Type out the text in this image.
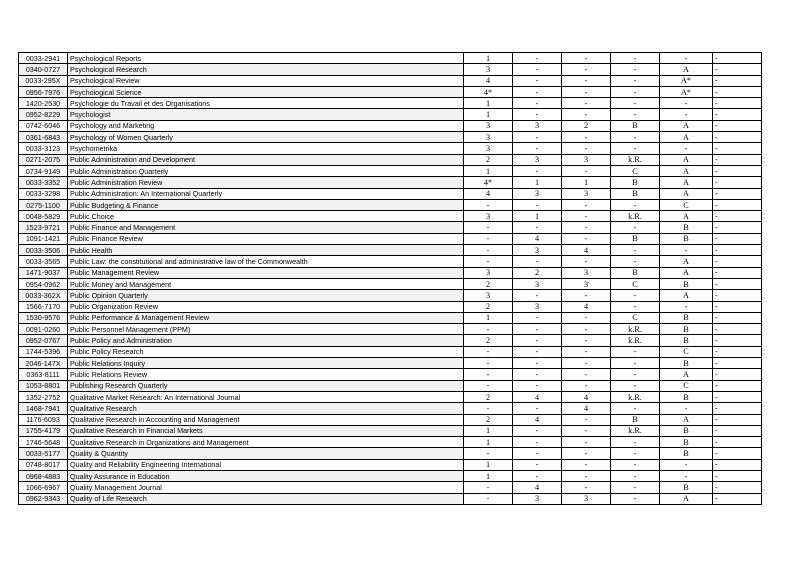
0033-2941	Psychological Reports	1	-	-	-	-	-
0340-0727	Psychological Research	3	-	-	-	A	-
0033-295X	Psychological Review	4	-	-	-	A*	-
0956-7976	Psychological Science	4*	-	-	-	A*	-
1420-2530	Psychologie du Travail et des Organisations	1	-	-	-	-	-
0952-8229	Psychologist	1	-	-	-	-	-
0742-6046	Psychology and Marketing	3	3	2	B	A	-
0361-6843	Psychology of Women Quarterly	3	-	-	-	A	-
0033-3123	Psychometrika	3	-	-	-	-	-
0271-2075	Public Administration and Development	2	3	3	k.R.	A	-
0734-9149	Public Administration Quarterly	1	-	-	C	A	-
0033-3352	Public Administration Review	4*	1	1	B	A	-
0033-3298	Public Administration: An International Quarterly	4	3	3	B	A	-
0275-1100	Public Budgeting & Finance	-	-	-	-	C	-
0048-5829	Public Choice	3	1	-	k.R.	A	-
1523-9721	Public Finance and Management	-	-	-	-	B	-
1091-1421	Public Finance Review	-	4	-	B	B	-
0033-3506	Public Health	-	3	4	-	-	-
0033-3565	Public Law: the constitutional and administrative law of the Commonwealth	-	-	-	-	A	-
1471-9037	Public Management Review	3	2	3	B	A	-
0954-0962	Public Money and Management	2	3	3	C	B	-
0033-362X	Public Opinion Quarterly	3	-	-	-	A	-
1566-7170	Public Organization Review	2	3	4	-	-	-
1530-9576	Public Performance & Management Review	1	-	-	C	B	-
0091-0260	Public Personnel Management (PPM)	-	-	-	k.R.	B	-
0952-0767	Public Policy and Administration	2	-	-	k.R.	B	-
1744-5396	Public Policy Research	-	-	-	-	C	-
2046-147X	Public Relations Inquiry	-	-	-	-	B	-
0363-8111	Public Relations Review	-	-	-	-	A	-
1053-8801	Publishing Research Quarterly	-	-	-	-	C	-
1352-2752	Qualitative Market Research: An International Journal	2	4	4	k.R.	B	-
1468-7941	Qualitative Research	-	-	4	-	-	-
1176-6093	Qualitative Research in Accounting and Management	2	4	-	B	A	-
1755-4179	Qualitative Research in Financial Markets	1	-	-	k.R.	B	-
1746-5648	Qualitative Research in Organizations and Management	1	-	-	-	B	-
0033-5177	Quality & Quantity	-	-	-	-	B	-
0748-8017	Quality and Reliability Engineering International	1	-	-	-	-	-
0968-4883	Quality Assurance in Education	1	-	-	-	-	-
1066-6967	Quality Management Journal	-	4	-	-	B	-
0962-9343	Quality of Life Research	-	3	3	-	A	-
